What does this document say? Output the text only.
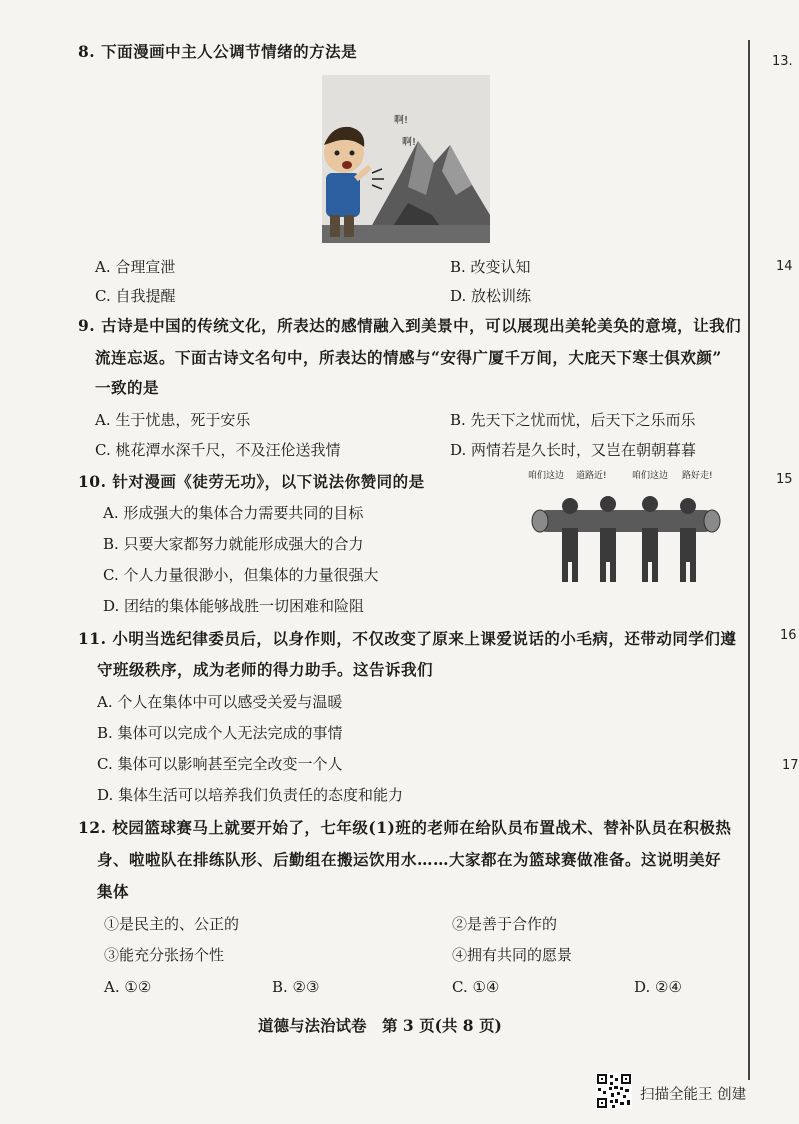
13.
14
15
16
17
8. 下面漫画中主人公调节情绪的方法是
啊!
啊!
A. 合理宣泄	B. 改变认知
C. 自我提醒	D. 放松训练
9. 古诗是中国的传统文化，所表达的感情融入到美景中，可以展现出美轮美奂的意境，让我们
流连忘返。下面古诗文名句中，所表达的情感与“安得广厦千万间，大庇天下寒士俱欢颜”
一致的是
A. 生于忧患，死于安乐	B. 先天下之忧而忧，后天下之乐而乐
C. 桃花潭水深千尺，不及汪伦送我情	D. 两情若是久长时，又岂在朝朝暮暮
10. 针对漫画《徒劳无功》，以下说法你赞同的是	咱们这边 道路近!	咱们这边 路好走!
A. 形成强大的集体合力需要共同的目标
B. 只要大家都努力就能形成强大的合力
C. 个人力量很渺小，但集体的力量很强大
D. 团结的集体能够战胜一切困难和险阻
11. 小明当选纪律委员后，以身作则，不仅改变了原来上课爱说话的小毛病，还带动同学们遵
守班级秩序，成为老师的得力助手。这告诉我们
A. 个人在集体中可以感受关爱与温暖
B. 集体可以完成个人无法完成的事情
C. 集体可以影响甚至完全改变一个人
D. 集体生活可以培养我们负责任的态度和能力
12. 校园篮球赛马上就要开始了，七年级(1)班的老师在给队员布置战术、替补队员在积极热
身、啦啦队在排练队形、后勤组在搬运饮用水……大家都在为篮球赛做准备。这说明美好
集体
①是民主的、公正的	②是善于合作的
③能充分张扬个性	④拥有共同的愿景
A. ①②	B. ②③	C. ①④	D. ②④
道德与法治试卷　第 3 页(共 8 页)
扫描全能王 创建
